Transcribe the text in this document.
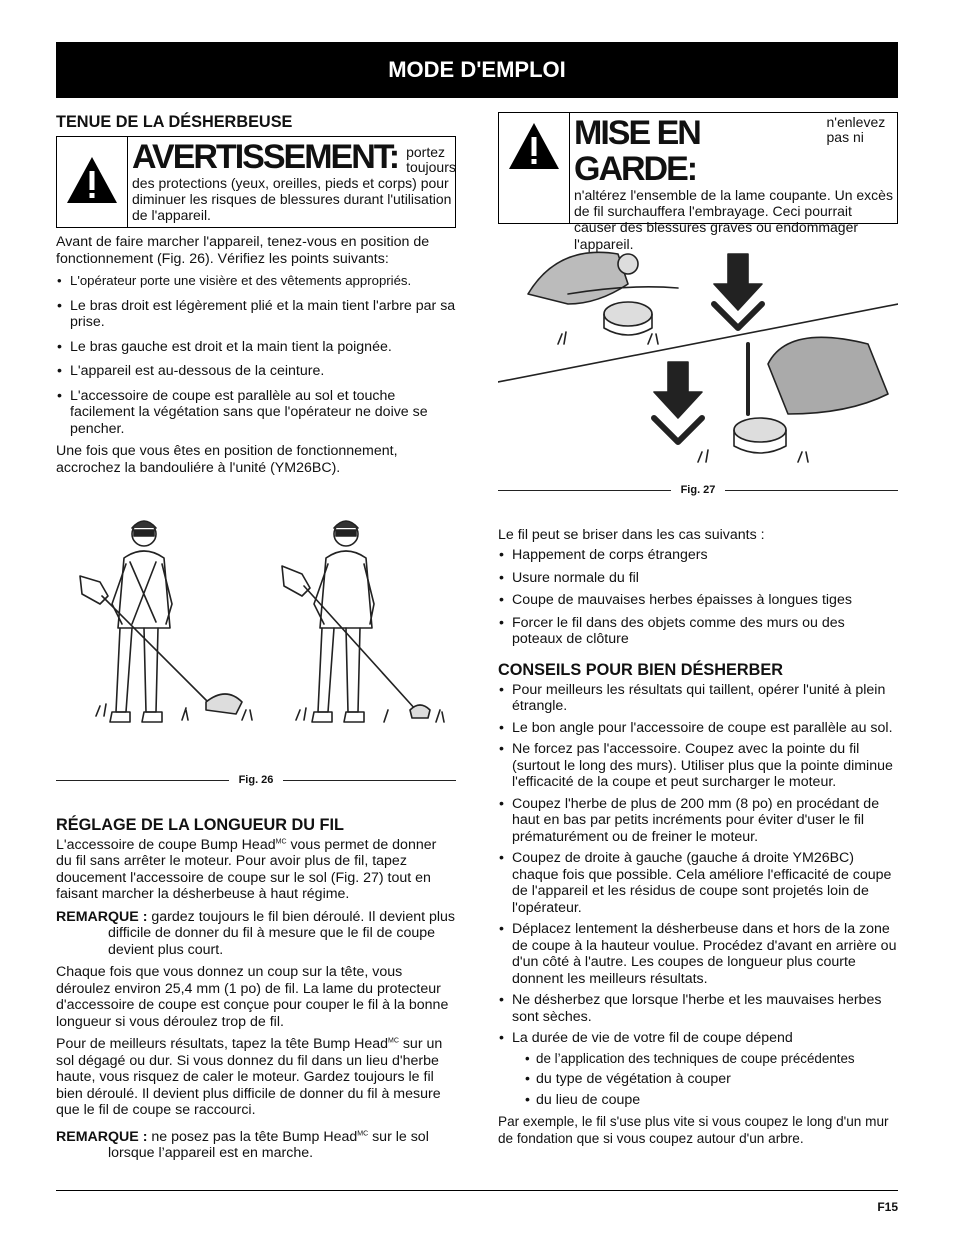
MODE D'EMPLOI
TENUE DE LA DÉSHERBEUSE
AVERTISSEMENT: portez toujours
des protections (yeux, oreilles, pieds et corps) pour diminuer les risques de blessures durant l'utilisation de l'appareil.

Avant de faire marcher l'appareil, tenez-vous en position de fonctionnement (Fig. 26). Vérifiez les points suivants:

• L'opérateur porte une visière et des vêtements appropriés.
• Le bras droit est légèrement plié et la main tient l'arbre par sa prise.
• Le bras gauche est droit et la main tient la poignée.
• L'appareil est au-dessous de la ceinture.
• L'accessoire de coupe est parallèle au sol et touche facilement la végétation sans que l'opérateur ne doive se pencher.

Une fois que vous êtes en position de fonctionnement, accrochez la bandouliére à l'unité (YM26BC).

Fig. 26
RÉGLAGE DE LA LONGUEUR DU FIL

L'accessoire de coupe Bump Head$^{MC}$ vous permet de donner du fil sans arrêter le moteur. Pour avoir plus de fil, tapez doucement l'accessoire de coupe sur le sol (Fig. 27) tout en faisant marcher la désherbeuse à haut régime.

REMARQUE : gardez toujours le fil bien déroulé. Il devient plus difficile de donner du fil à mesure que le fil de coupe devient plus court.

Chaque fois que vous donnez un coup sur la tête, vous déroulez environ 25,4 mm (1 po) de fil. La lame du protecteur d'accessoire de coupe est conçue pour couper le fil à la bonne longueur si vous déroulez trop de fil.

Pour de meilleurs résultats, tapez la tête Bump Head$^{MC}$ sur un sol dégagé ou dur. Si vous donnez du fil dans un lieu d'herbe haute, vous risquez de caler le moteur. Gardez toujours le fil bien déroulé. Il devient plus difficile de donner du fil à mesure que le fil de coupe se raccourci.

REMARQUE : ne posez pas la tête Bump Head$^{MC}$ sur le sol lorsque l’appareil est en marche.

MISE EN GARDE:
n'enlevez pas ni
n'altérez l'ensemble de la lame coupante. Un excès de fil surchauffera l'embrayage. Ceci pourrait causer des blessures graves ou endommager l'appareil.
Fig. 27

Le fil peut se briser dans les cas suivants :

• Happement de corps étrangers
• Usure normale du fil
• Coupe de mauvaises herbes épaisses à longues tiges
• Forcer le fil dans des objets comme des murs ou des poteaux de clôture
CONSEILS POUR BIEN DÉSHERBER
• Pour meilleurs les résultats qui taillent, opérer l'unité à plein étrangle.
• Le bon angle pour l'accessoire de coupe est parallèle au sol.
• Ne forcez pas l'accessoire. Coupez avec la pointe du fil (surtout le long des murs). Utiliser plus que la pointe diminue l'efficacité de la coupe et peut surcharger le moteur.
• Coupez l'herbe de plus de 200 mm (8 po) en procédant de haut en bas par petits incréments pour éviter d'user le fil prématurément ou de freiner le moteur.
• Coupez de droite à gauche (gauche á droite YM26BC) chaque fois que possible. Cela améliore l'efficacité de coupe de l'appareil et les résidus de coupe sont projetés loin de l'opérateur.
• Déplacez lentement la désherbeuse dans et hors de la zone de coupe à la hauteur voulue. Procédez d'avant en arrière ou d'un côté à l'autre. Les coupes de longueur plus courte donnent les meilleurs résultats.
• Ne désherbez que lorsque l'herbe et les mauvaises herbes sont sèches.
• La durée de vie de votre fil de coupe dépend
• de l’application des techniques de coupe précédentes
• du type de végétation à couper
• du lieu de coupe

Par exemple, le fil s'use plus vite si vous coupez le long d'un mur de fondation que si vous coupez autour d'un arbre.

F15
